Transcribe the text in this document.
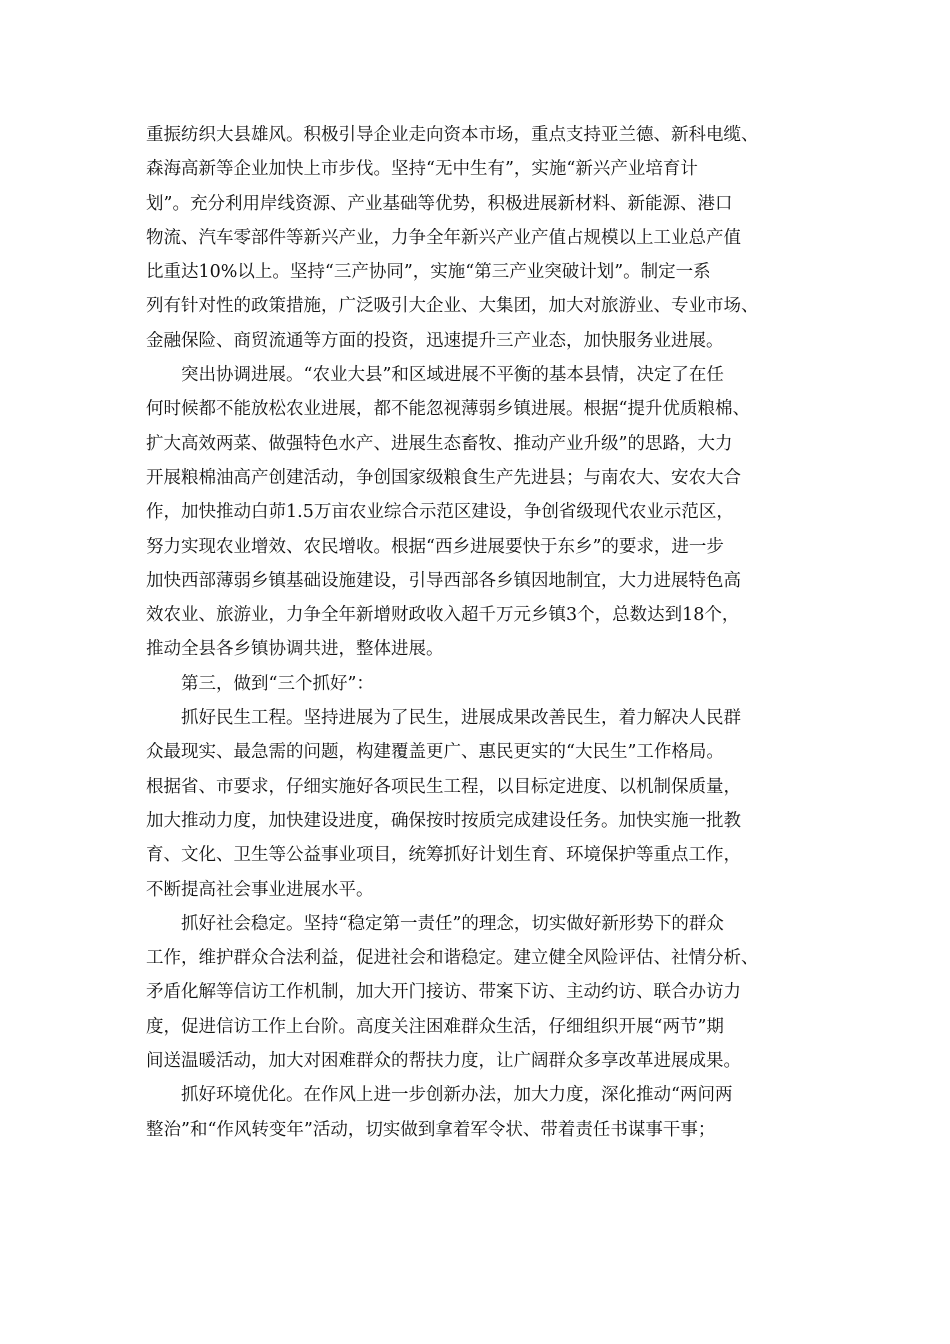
重振纺织大县雄风。积极引导企业走向资本市场，重点支持亚兰德、新科电缆、
森海高新等企业加快上市步伐。坚持“无中生有”，实施“新兴产业培育计
划”。充分利用岸线资源、产业基础等优势，积极进展新材料、新能源、港口
物流、汽车零部件等新兴产业，力争全年新兴产业产值占规模以上工业总产值
比重达10%以上。坚持“三产协同”，实施“第三产业突破计划”。制定一系
列有针对性的政策措施，广泛吸引大企业、大集团，加大对旅游业、专业市场、
金融保险、商贸流通等方面的投资，迅速提升三产业态，加快服务业进展。
突出协调进展。“农业大县”和区域进展不平衡的基本县情，决定了在任
何时候都不能放松农业进展，都不能忽视薄弱乡镇进展。根据“提升优质粮棉、
扩大高效两菜、做强特色水产、进展生态畜牧、推动产业升级”的思路，大力
开展粮棉油高产创建活动，争创国家级粮食生产先进县；与南农大、安农大合
作，加快推动白茆1.5万亩农业综合示范区建设，争创省级现代农业示范区，
努力实现农业增效、农民增收。根据“西乡进展要快于东乡”的要求，进一步
加快西部薄弱乡镇基础设施建设，引导西部各乡镇因地制宜，大力进展特色高
效农业、旅游业，力争全年新增财政收入超千万元乡镇3个，总数达到18个，
推动全县各乡镇协调共进，整体进展。
第三，做到“三个抓好”：
抓好民生工程。坚持进展为了民生，进展成果改善民生，着力解决人民群
众最现实、最急需的问题，构建覆盖更广、惠民更实的“大民生”工作格局。
根据省、市要求，仔细实施好各项民生工程，以目标定进度、以机制保质量，
加大推动力度，加快建设进度，确保按时按质完成建设任务。加快实施一批教
育、文化、卫生等公益事业项目，统筹抓好计划生育、环境保护等重点工作，
不断提高社会事业进展水平。
抓好社会稳定。坚持“稳定第一责任”的理念，切实做好新形势下的群众
工作，维护群众合法利益，促进社会和谐稳定。建立健全风险评估、社情分析、
矛盾化解等信访工作机制，加大开门接访、带案下访、主动约访、联合办访力
度，促进信访工作上台阶。高度关注困难群众生活，仔细组织开展“两节”期
间送温暖活动，加大对困难群众的帮扶力度，让广阔群众多享改革进展成果。
抓好环境优化。在作风上进一步创新办法，加大力度，深化推动“两问两
整治”和“作风转变年”活动，切实做到拿着军令状、带着责任书谋事干事；
